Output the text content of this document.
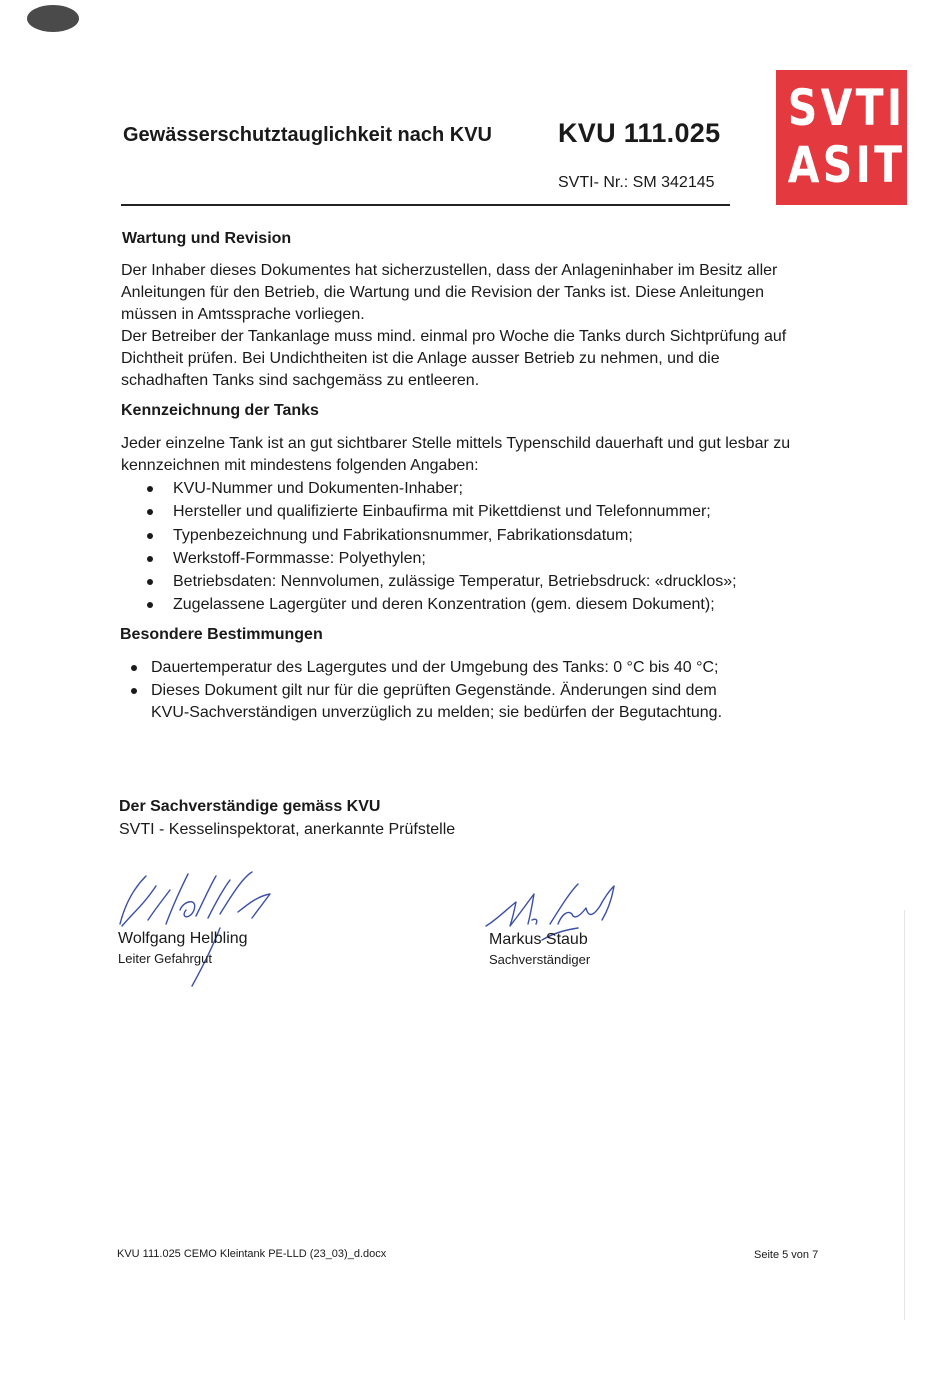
Gewässerschutztauglichkeit nach KVU KVU 111.025
SVTI- Nr.: SM 342145
SVTI
ASIT
Wartung und Revision
Der Inhaber dieses Dokumentes hat sicherzustellen, dass der Anlageninhaber im Besitz aller
Anleitungen für den Betrieb, die Wartung und die Revision der Tanks ist. Diese Anleitungen
müssen in Amtssprache vorliegen.
Der Betreiber der Tankanlage muss mind. einmal pro Woche die Tanks durch Sichtprüfung auf
Dichtheit prüfen. Bei Undichtheiten ist die Anlage ausser Betrieb zu nehmen, und die
schadhaften Tanks sind sachgemäss zu entleeren.
Kennzeichnung der Tanks
Jeder einzelne Tank ist an gut sichtbarer Stelle mittels Typenschild dauerhaft und gut lesbar zu
kennzeichnen mit mindestens folgenden Angaben:
KVU-Nummer und Dokumenten-Inhaber;
Hersteller und qualifizierte Einbaufirma mit Pikettdienst und Telefonnummer;
Typenbezeichnung und Fabrikationsnummer, Fabrikationsdatum;
Werkstoff-Formmasse: Polyethylen;
Betriebsdaten: Nennvolumen, zulässige Temperatur, Betriebsdruck: «drucklos»;
Zugelassene Lagergüter und deren Konzentration (gem. diesem Dokument);
Besondere Bestimmungen
Dauertemperatur des Lagergutes und der Umgebung des Tanks: 0 °C bis 40 °C;
Dieses Dokument gilt nur für die geprüften Gegenstände. Änderungen sind dem
KVU-Sachverständigen unverzüglich zu melden; sie bedürfen der Begutachtung.
Der Sachverständige gemäss KVU
SVTI - Kesselinspektorat, anerkannte Prüfstelle
Wolfgang Helbling
Leiter Gefahrgut
Markus Staub
Sachverständiger
KVU 111.025 CEMO Kleintank PE-LLD (23_03)_d.docx	Seite 5 von 7
